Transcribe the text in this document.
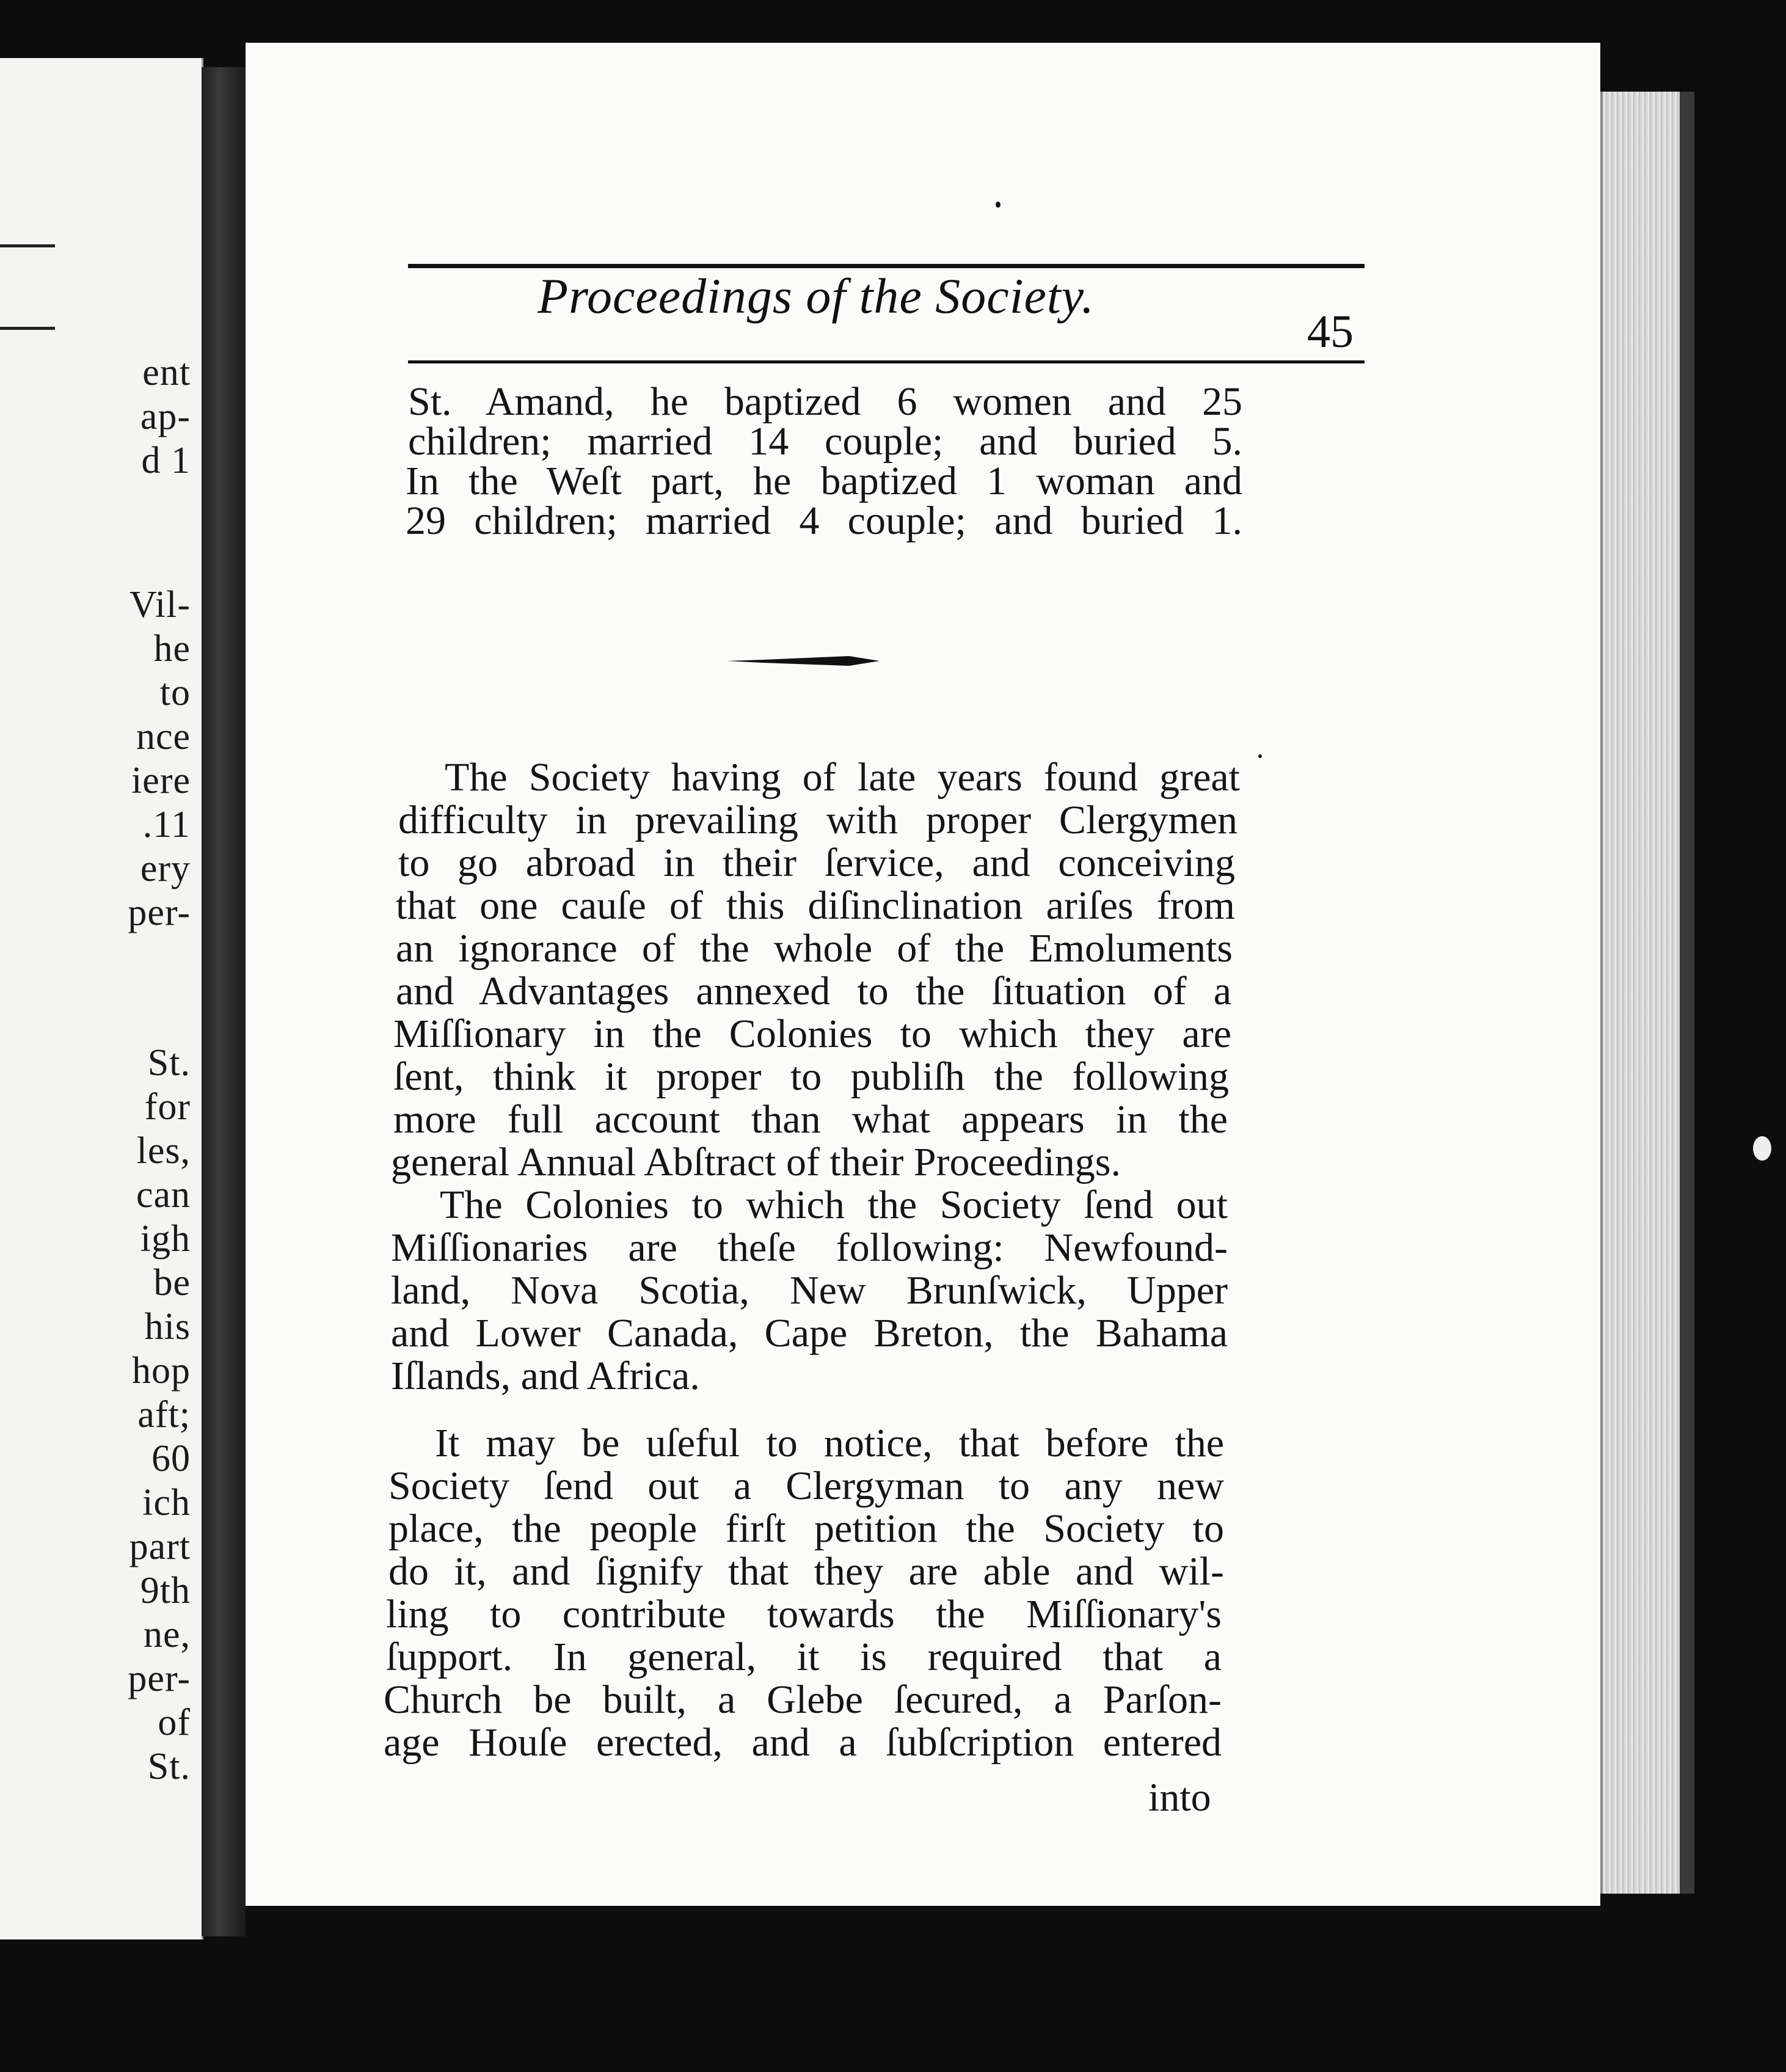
ent
ap-
d 1
Vil-
he
to
nce
iere
.11
ery
per-
St.
for
les,
can
igh
be
his
hop
aft;
60
ich
part
9th
ne,
per-
of
St.
Proceedings of the Society.
45
St. Amand, he baptized 6 women and 25
children; married 14 couple; and buried 5.
In the Weſt part, he baptized 1 woman and
29 children; married 4 couple; and buried 1.
The Society having of late years found great
difficulty in prevailing with proper Clergymen
to go abroad in their ſervice, and conceiving
that one cauſe of this diſinclination ariſes from
an ignorance of the whole of the Emoluments
and Advantages annexed to the ſituation of a
Miſſionary in the Colonies to which they are
ſent, think it proper to publiſh the following
more full account than what appears in the
general Annual Abſtract of their Proceedings.
The Colonies to which the Society ſend out
Miſſionaries are theſe following: Newfound-
land, Nova Scotia, New Brunſwick, Upper
and Lower Canada, Cape Breton, the Bahama
Iſlands, and Africa.
It may be uſeful to notice, that before the
Society ſend out a Clergyman to any new
place, the people firſt petition the Society to
do it, and ſignify that they are able and wil-
ling to contribute towards the Miſſionary's
ſupport. In general, it is required that a
Church be built, a Glebe ſecured, a Parſon-
age Houſe erected, and a ſubſcription entered
into
